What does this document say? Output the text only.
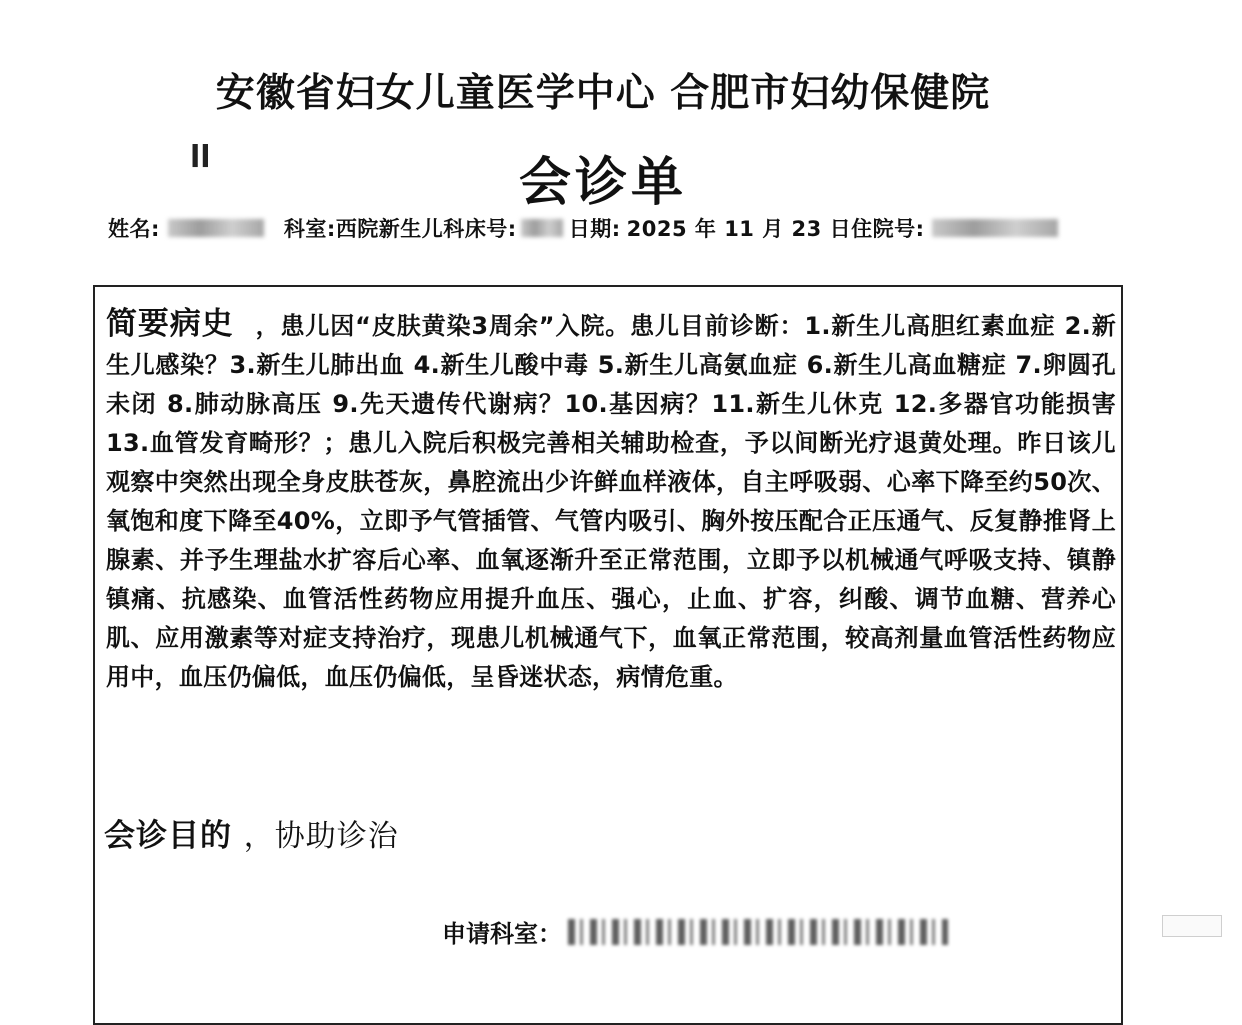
安徽省妇女儿童医学中心 合肥市妇幼保健院
ll	会诊单
姓名:	科室: 西院新生儿科 床号: 日期: 2025 年 11 月 23 日 住院号:
简要病史 ，患儿因“皮肤黄染3周余”入院。患儿目前诊断：1.新生儿高胆红素血症 2.新生儿感染？3.新生儿肺出血 4.新生儿酸中毒 5.新生儿高氨血症 6.新生儿高血糖症 7.卵圆孔未闭 8.肺动脉高压 9.先天遗传代谢病？10.基因病？11.新生儿休克 12.多器官功能损害 13.血管发育畸形？；患儿入院后积极完善相关辅助检查，予以间断光疗退黄处理。昨日该儿观察中突然出现全身皮肤苍灰，鼻腔流出少许鲜血样液体，自主呼吸弱、心率下降至约50次、氧饱和度下降至40%，立即予气管插管、气管内吸引、胸外按压配合正压通气、反复静推肾上腺素、并予生理盐水扩容后心率、血氧逐渐升至正常范围，立即予以机械通气呼吸支持、镇静镇痛、抗感染、血管活性药物应用提升血压、强心，止血、扩容，纠酸、调节血糖、营养心肌、应用激素等对症支持治疗，现患儿机械通气下，血氧正常范围，较高剂量血管活性药物应用中，血压仍偏低，血压仍偏低，呈昏迷状态，病情危重。
会诊目的 ，协助诊治
申请科室：
